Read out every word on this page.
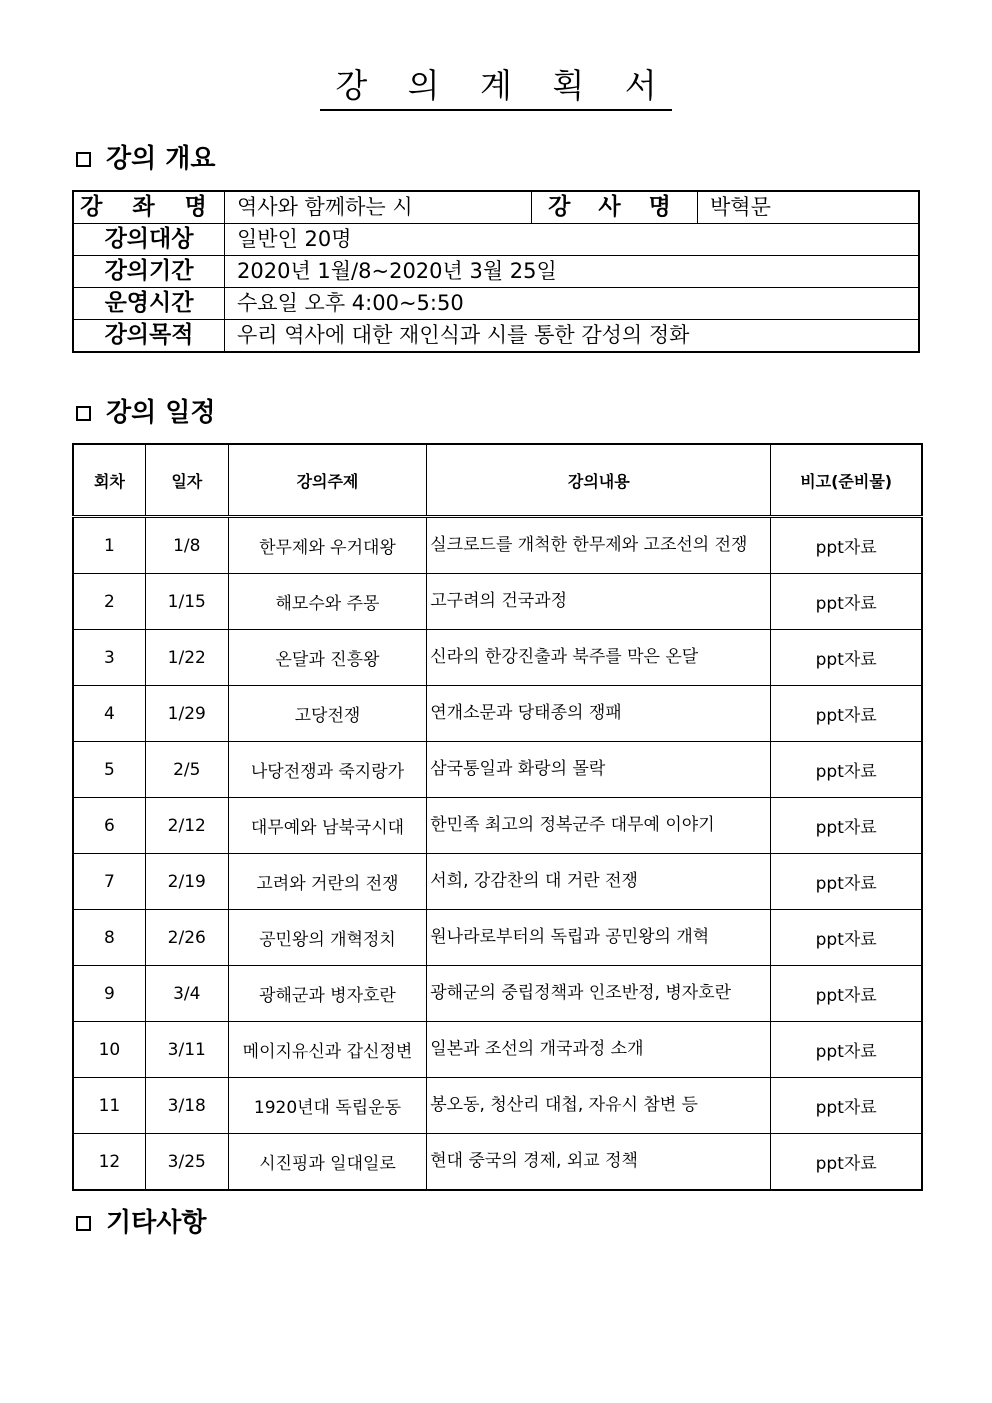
강 의 계 획 서
강의 개요
강 좌 명	역사와 함께하는 시	강 사 명	박혁문
강의대상	일반인 20명		
강의기간	2020년 1월/8~2020년 3월 25일		
운영시간	수요일 오후 4:00~5:50		
강의목적	우리 역사에 대한 재인식과 시를 통한 감성의 정화		
강의 일정
회차	일자	강의주제	강의내용	비고(준비물)
1	1/8	한무제와 우거대왕	실크로드를 개척한 한무제와 고조선의 전쟁	ppt자료
2	1/15	해모수와 주몽	고구려의 건국과정	ppt자료
3	1/22	온달과 진흥왕	신라의 한강진출과 북주를 막은 온달	ppt자료
4	1/29	고당전쟁	연개소문과 당태종의 쟁패	ppt자료
5	2/5	나당전쟁과 죽지랑가	삼국통일과 화랑의 몰락	ppt자료
6	2/12	대무예와 남북국시대	한민족 최고의 정복군주 대무예 이야기	ppt자료
7	2/19	고려와 거란의 전쟁	서희, 강감찬의 대 거란 전쟁	ppt자료
8	2/26	공민왕의 개혁정치	원나라로부터의 독립과 공민왕의 개혁	ppt자료
9	3/4	광해군과 병자호란	광해군의 중립정책과 인조반정, 병자호란	ppt자료
10	3/11	메이지유신과 갑신정변	일본과 조선의 개국과정 소개	ppt자료
11	3/18	1920년대 독립운동	봉오동, 청산리 대첩, 자유시 참변 등	ppt자료
12	3/25	시진핑과 일대일로	현대 중국의 경제, 외교 정책	ppt자료
기타사항
